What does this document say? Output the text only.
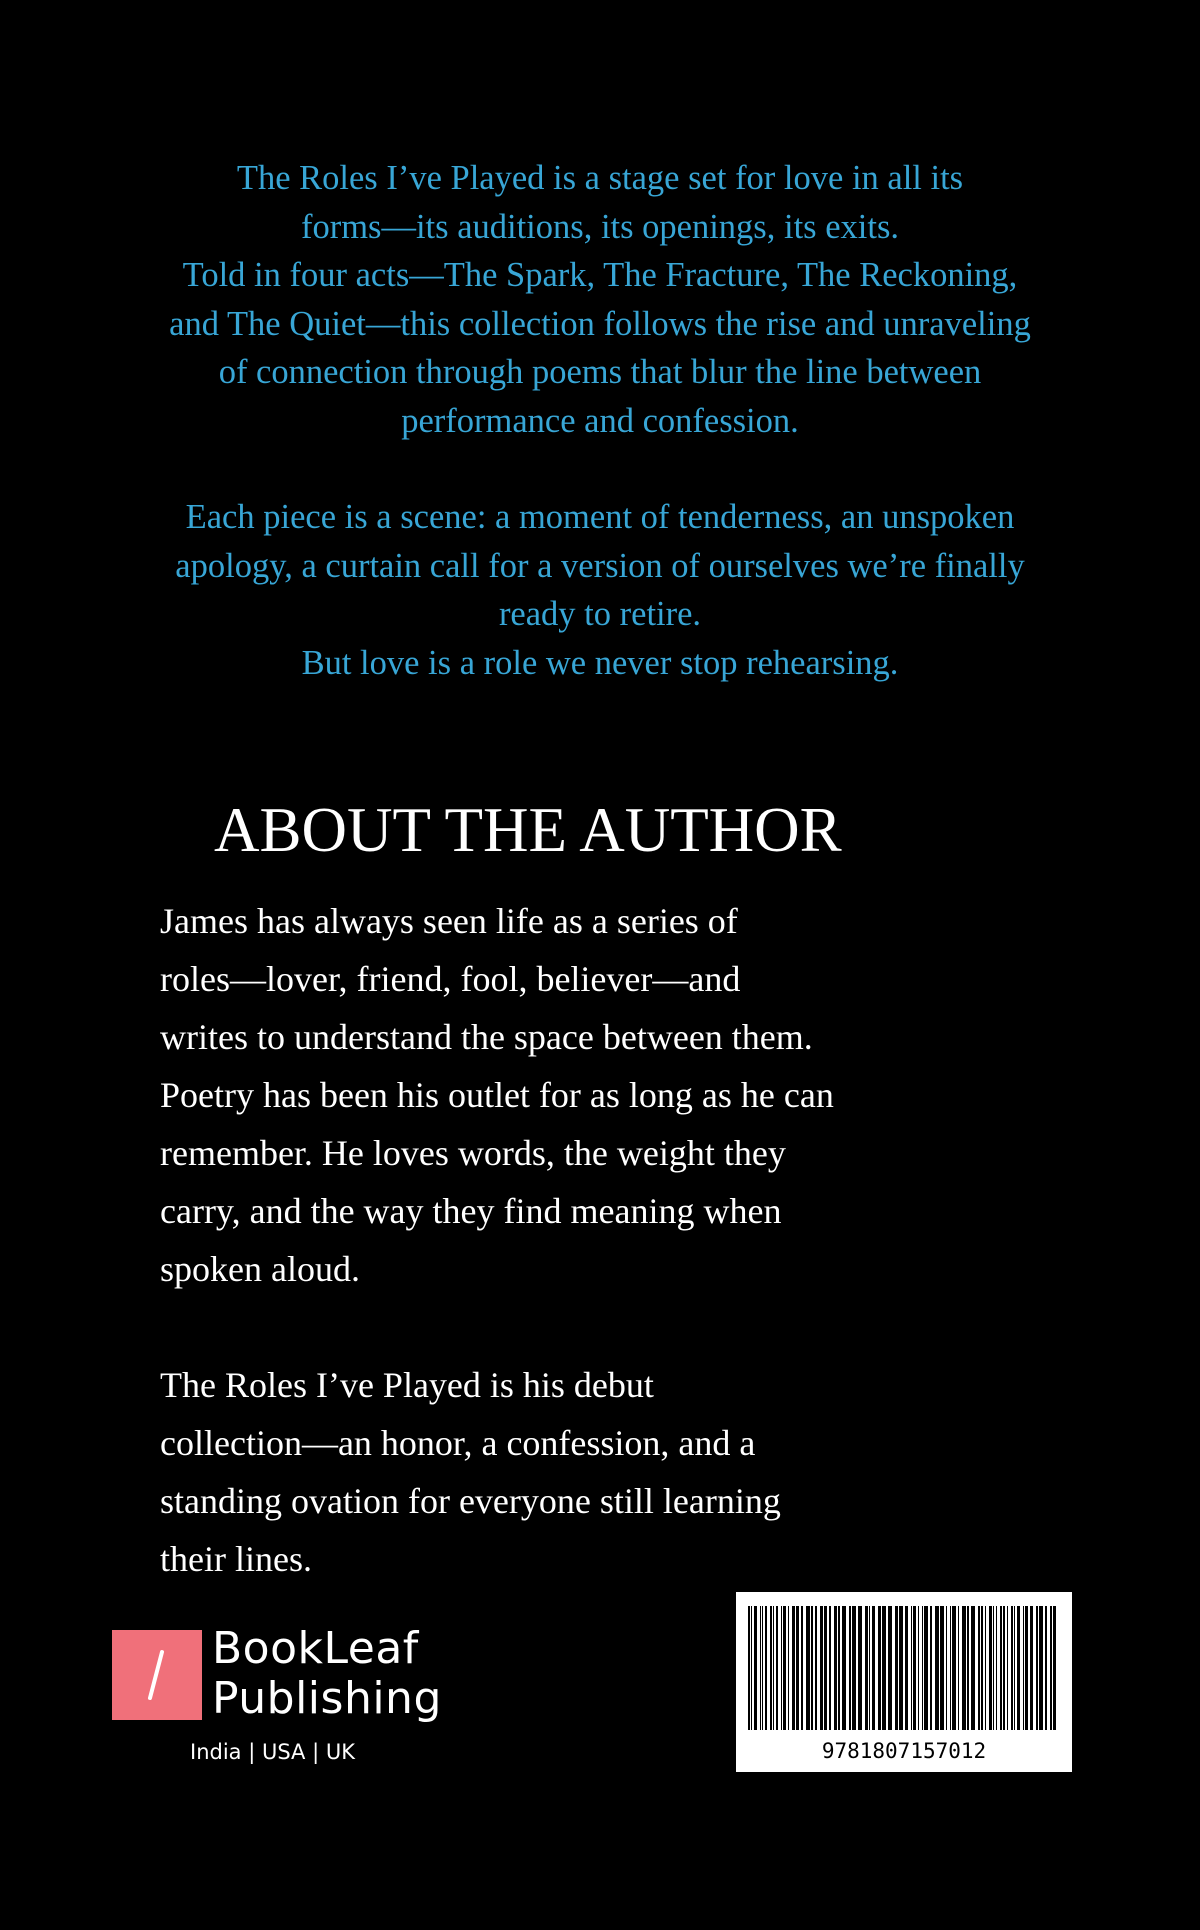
The Roles I’ve Played is a stage set for love in all its

forms—its auditions, its openings, its exits.

Told in four acts—The Spark, The Fracture, The Reckoning,

and The Quiet—this collection follows the rise and unraveling

of connection through poems that blur the line between

performance and confession.

Each piece is a scene: a moment of tenderness, an unspoken

apology, a curtain call for a version of ourselves we’re finally

ready to retire.

But love is a role we never stop rehearsing.

ABOUT THE AUTHOR

James has always seen life as a series of

roles—lover, friend, fool, believer—and

writes to understand the space between them.

Poetry has been his outlet for as long as he can

remember. He loves words, the weight they

carry, and the way they find meaning when

spoken aloud.

The Roles I’ve Played is his debut

collection—an honor, a confession, and a

standing ovation for everyone still learning

their lines.

BookLeaf
Publishing
India | USA | UK	9781807157012
